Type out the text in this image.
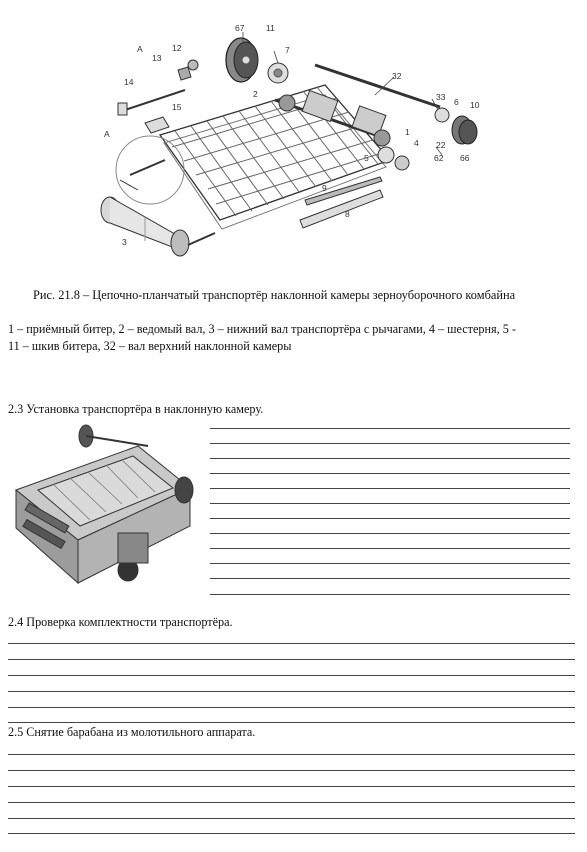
67	11
7
12
13
A
14
15
32
2	33 6 10
1
22
62 66
4
5
9
8
3
A
Рис. 21.8 – Цепочно-планчатый транспортёр наклонной камеры зерноуборочного комбайна
1 – приёмный битер, 2 – ведомый вал, 3 – нижний вал транспортёра с рычагами, 4 – шестерня, 5 -
11 – шкив битера, 32 – вал верхний наклонной камеры
2.3 Установка транспортёра в наклонную камеру.
2.4 Проверка комплектности транспортёра.
2.5 Снятие барабана из молотильного аппарата.
